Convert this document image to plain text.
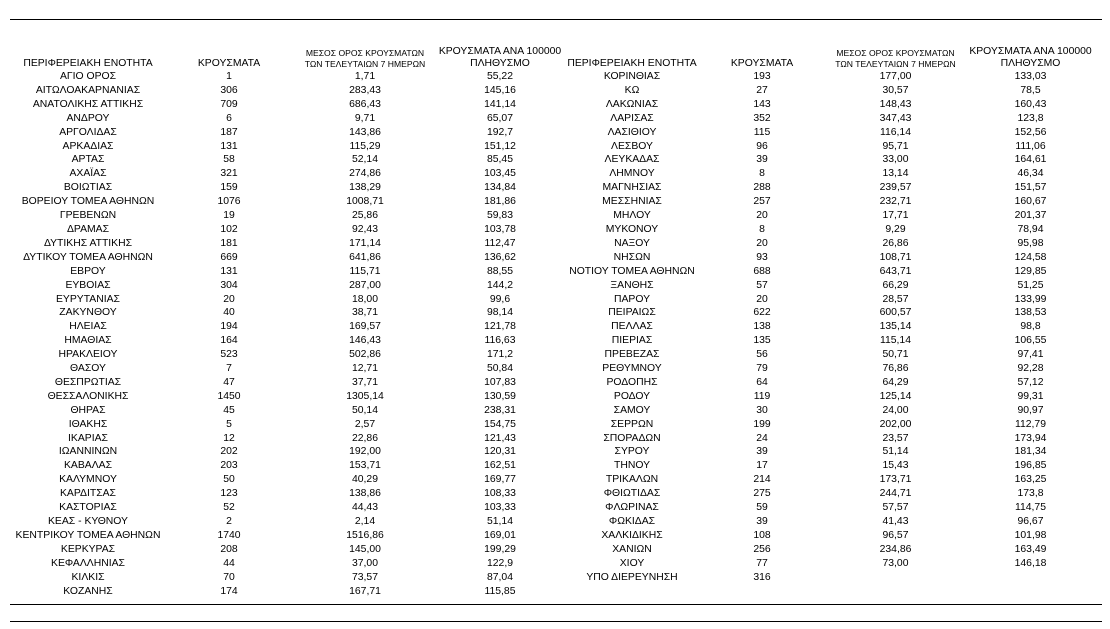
ΠΕΡΙΦΕΡΕΙΑΚΗ ΕΝΟΤΗΤΑ	ΚΡΟΥΣΜΑΤΑ	ΜΕΣΟΣ ΟΡΟΣ ΚΡΟΥΣΜΑΤΩΝ
ΤΩΝ ΤΕΛΕΥΤΑΙΩΝ 7 ΗΜΕΡΩΝ	ΚΡΟΥΣΜΑΤΑ ΑΝΑ 100000
ΠΛΗΘΥΣΜΟ

ΑΓΙΟ ΟΡΟΣ	1	1,71	55,22
ΑΙΤΩΛΟΑΚΑΡΝΑΝΙΑΣ	306	283,43	145,16
ΑΝΑΤΟΛΙΚΗΣ ΑΤΤΙΚΗΣ	709	686,43	141,14
ΑΝΔΡΟΥ	6	9,71	65,07
ΑΡΓΟΛΙΔΑΣ	187	143,86	192,7
ΑΡΚΑΔΙΑΣ	131	115,29	151,12
ΑΡΤΑΣ	58	52,14	85,45
ΑΧΑΪΑΣ	321	274,86	103,45
ΒΟΙΩΤΙΑΣ	159	138,29	134,84
ΒΟΡΕΙΟΥ ΤΟΜΕΑ ΑΘΗΝΩΝ	1076	1008,71	181,86
ΓΡΕΒΕΝΩΝ	19	25,86	59,83
ΔΡΑΜΑΣ	102	92,43	103,78
ΔΥΤΙΚΗΣ ΑΤΤΙΚΗΣ	181	171,14	112,47
ΔΥΤΙΚΟΥ ΤΟΜΕΑ ΑΘΗΝΩΝ	669	641,86	136,62
ΕΒΡΟΥ	131	115,71	88,55
ΕΥΒΟΙΑΣ	304	287,00	144,2
ΕΥΡΥΤΑΝΙΑΣ	20	18,00	99,6
ΖΑΚΥΝΘΟΥ	40	38,71	98,14
ΗΛΕΙΑΣ	194	169,57	121,78
ΗΜΑΘΙΑΣ	164	146,43	116,63
ΗΡΑΚΛΕΙΟΥ	523	502,86	171,2
ΘΑΣΟΥ	7	12,71	50,84
ΘΕΣΠΡΩΤΙΑΣ	47	37,71	107,83
ΘΕΣΣΑΛΟΝΙΚΗΣ	1450	1305,14	130,59
ΘΗΡΑΣ	45	50,14	238,31
ΙΘΑΚΗΣ	5	2,57	154,75
ΙΚΑΡΙΑΣ	12	22,86	121,43
ΙΩΑΝΝΙΝΩΝ	202	192,00	120,31
ΚΑΒΑΛΑΣ	203	153,71	162,51
ΚΑΛΥΜΝΟΥ	50	40,29	169,77
ΚΑΡΔΙΤΣΑΣ	123	138,86	108,33
ΚΑΣΤΟΡΙΑΣ	52	44,43	103,33
ΚΕΑΣ - ΚΥΘΝΟΥ	2	2,14	51,14
ΚΕΝΤΡΙΚΟΥ ΤΟΜΕΑ ΑΘΗΝΩΝ	1740	1516,86	169,01
ΚΕΡΚΥΡΑΣ	208	145,00	199,29
ΚΕΦΑΛΛΗΝΙΑΣ	44	37,00	122,9
ΚΙΛΚΙΣ	70	73,57	87,04
ΚΟΖΑΝΗΣ	174	167,71	115,85
ΠΕΡΙΦΕΡΕΙΑΚΗ ΕΝΟΤΗΤΑ	ΚΡΟΥΣΜΑΤΑ	ΜΕΣΟΣ ΟΡΟΣ ΚΡΟΥΣΜΑΤΩΝ
ΤΩΝ ΤΕΛΕΥΤΑΙΩΝ 7 ΗΜΕΡΩΝ	ΚΡΟΥΣΜΑΤΑ ΑΝΑ 100000
ΠΛΗΘΥΣΜΟ

ΚΟΡΙΝΘΙΑΣ	193	177,00	133,03
ΚΩ	27	30,57	78,5
ΛΑΚΩΝΙΑΣ	143	148,43	160,43
ΛΑΡΙΣΑΣ	352	347,43	123,8
ΛΑΣΙΘΙΟΥ	115	116,14	152,56
ΛΕΣΒΟΥ	96	95,71	111,06
ΛΕΥΚΑΔΑΣ	39	33,00	164,61
ΛΗΜΝΟΥ	8	13,14	46,34
ΜΑΓΝΗΣΙΑΣ	288	239,57	151,57
ΜΕΣΣΗΝΙΑΣ	257	232,71	160,67
ΜΗΛΟΥ	20	17,71	201,37
ΜΥΚΟΝΟΥ	8	9,29	78,94
ΝΑΞΟΥ	20	26,86	95,98
ΝΗΣΩΝ	93	108,71	124,58
ΝΟΤΙΟΥ ΤΟΜΕΑ ΑΘΗΝΩΝ	688	643,71	129,85
ΞΑΝΘΗΣ	57	66,29	51,25
ΠΑΡΟΥ	20	28,57	133,99
ΠΕΙΡΑΙΩΣ	622	600,57	138,53
ΠΕΛΛΑΣ	138	135,14	98,8
ΠΙΕΡΙΑΣ	135	115,14	106,55
ΠΡΕΒΕΖΑΣ	56	50,71	97,41
ΡΕΘΥΜΝΟΥ	79	76,86	92,28
ΡΟΔΟΠΗΣ	64	64,29	57,12
ΡΟΔΟΥ	119	125,14	99,31
ΣΑΜΟΥ	30	24,00	90,97
ΣΕΡΡΩΝ	199	202,00	112,79
ΣΠΟΡΑΔΩΝ	24	23,57	173,94
ΣΥΡΟΥ	39	51,14	181,34
ΤΗΝΟΥ	17	15,43	196,85
ΤΡΙΚΑΛΩΝ	214	173,71	163,25
ΦΘΙΩΤΙΔΑΣ	275	244,71	173,8
ΦΛΩΡΙΝΑΣ	59	57,57	114,75
ΦΩΚΙΔΑΣ	39	41,43	96,67
ΧΑΛΚΙΔΙΚΗΣ	108	96,57	101,98
ΧΑΝΙΩΝ	256	234,86	163,49
ΧΙΟΥ	77	73,00	146,18
ΥΠΟ ΔΙΕΡΕΥΝΗΣΗ	316		
